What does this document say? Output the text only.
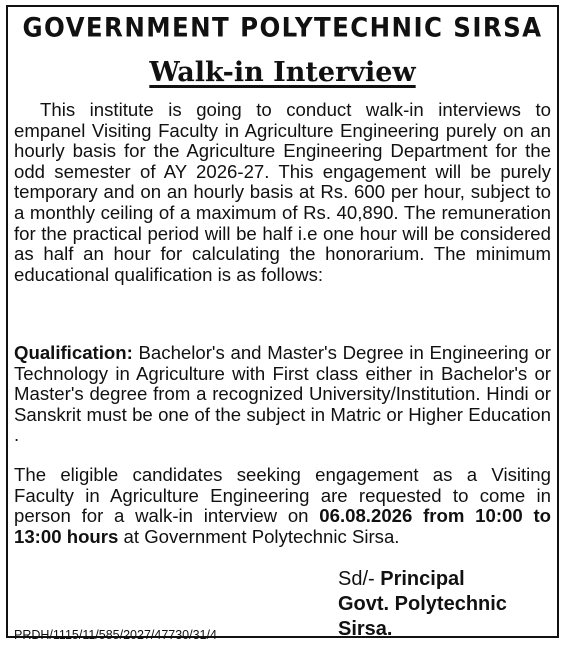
GOVERNMENT POLYTECHNIC SIRSA
Walk-in Interview
This institute is going to conduct walk-in interviews to empanel Visiting Faculty in Agriculture Engineering purely on an hourly basis for the Agriculture Engineering Department for the odd semester of AY 2026-27. This engagement will be purely temporary and on an hourly basis at Rs. 600 per hour, subject to a monthly ceiling of a maximum of Rs. 40,890. The remuneration for the practical period will be half i.e one hour will be considered as half an hour for calculating the honorarium. The minimum educational qualification is as follows:
Qualification: Bachelor's and Master's Degree in Engineering or Technology in Agriculture with First class either in Bachelor's or Master's degree from a recognized University/Institution. Hindi or Sanskrit must be one of the subject in Matric or Higher Education .
The eligible candidates seeking engagement as a Visiting Faculty in Agriculture Engineering are requested to come in person for a walk-in interview on 06.08.2026 from 10:00 to 13:00 hours at Government Polytechnic Sirsa.
Sd/- Principal
Govt. Polytechnic
Sirsa.
PRDH/1115/11/585/2027/47730/31/4
